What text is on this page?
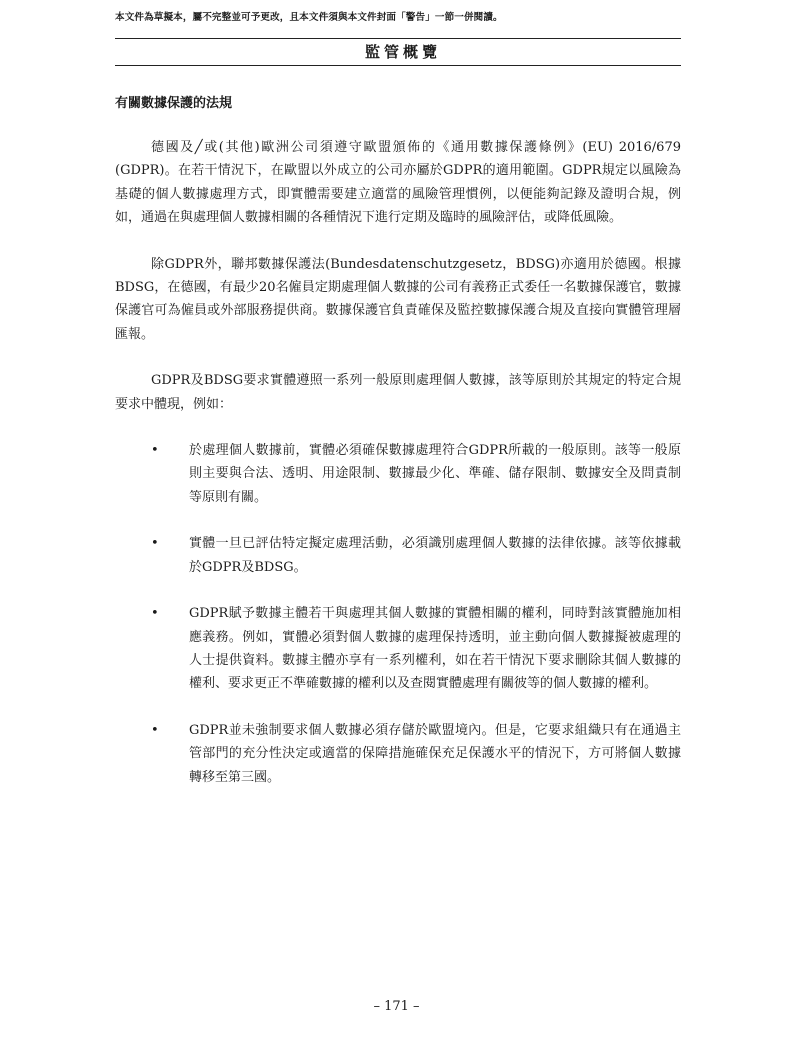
本文件為草擬本，屬不完整並可予更改，且本文件須與本文件封面「警告」一節一併閱讀。
監管概覽
有關數據保護的法規

德國及╱或(其他)歐洲公司須遵守歐盟頒佈的《通用數據保護條例》(EU) 2016/679 (GDPR)。在若干情況下，在歐盟以外成立的公司亦屬於GDPR的適用範圍。GDPR規定以風險為基礎的個人數據處理方式，即實體需要建立適當的風險管理慣例，以便能夠記錄及證明合規，例如，通過在與處理個人數據相關的各種情況下進行定期及臨時的風險評估，或降低風險。

除GDPR外，聯邦數據保護法(Bundesdatenschutzgesetz，BDSG)亦適用於德國。根據BDSG，在德國，有最少20名僱員定期處理個人數據的公司有義務正式委任一名數據保護官，數據保護官可為僱員或外部服務提供商。數據保護官負責確保及監控數據保護合規及直接向實體管理層匯報。

GDPR及BDSG要求實體遵照一系列一般原則處理個人數據，該等原則於其規定的特定合規要求中體現，例如：

• 於處理個人數據前，實體必須確保數據處理符合GDPR所載的一般原則。該等一般原則主要與合法、透明、用途限制、數據最少化、準確、儲存限制、數據安全及問責制等原則有關。
• 實體一旦已評估特定擬定處理活動，必須識別處理個人數據的法律依據。該等依據載於GDPR及BDSG。
• GDPR賦予數據主體若干與處理其個人數據的實體相關的權利，同時對該實體施加相應義務。例如，實體必須對個人數據的處理保持透明，並主動向個人數據擬被處理的人士提供資料。數據主體亦享有一系列權利，如在若干情況下要求刪除其個人數據的權利、要求更正不準確數據的權利以及查閱實體處理有關彼等的個人數據的權利。
• GDPR並未強制要求個人數據必須存儲於歐盟境內。但是，它要求組織只有在通過主管部門的充分性決定或適當的保障措施確保充足保護水平的情況下，方可將個人數據轉移至第三國。
– 171 –
